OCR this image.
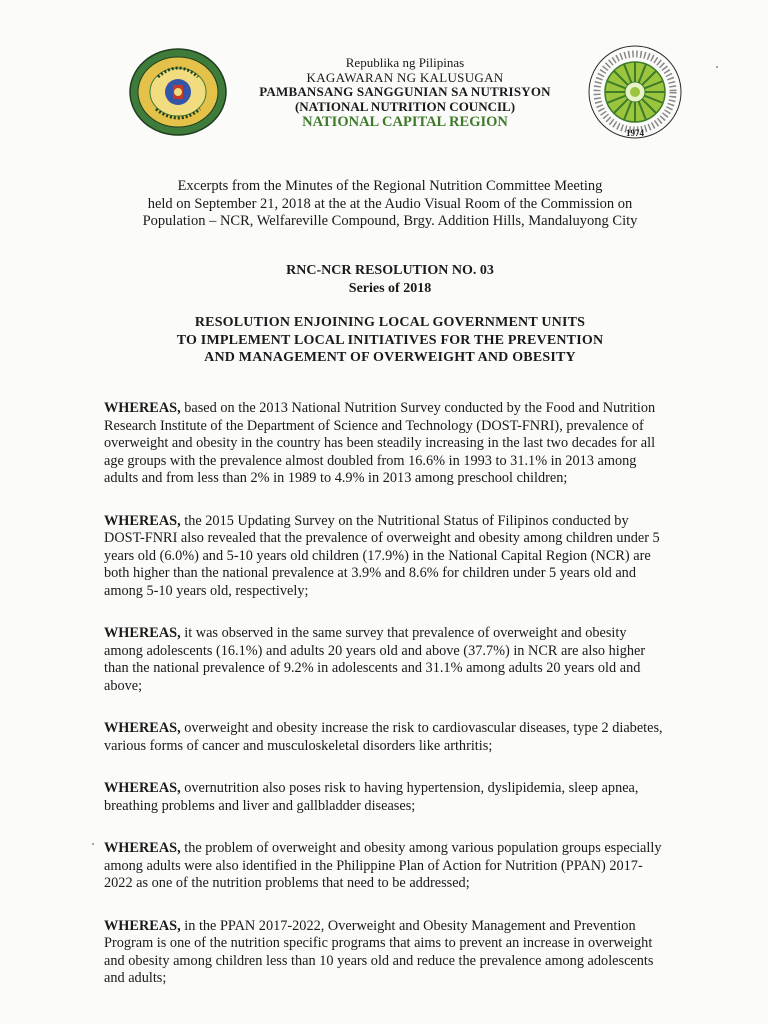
Republika ng Pilipinas
KAGAWARAN NG KALUSUGAN
PAMBANSANG SANGGUNIAN SA NUTRISYON
(NATIONAL NUTRITION COUNCIL)
NATIONAL CAPITAL REGION
1974
Excerpts from the Minutes of the Regional Nutrition Committee Meeting
held on September 21, 2018 at the at the Audio Visual Room of the Commission on
Population – NCR, Welfareville Compound, Brgy. Addition Hills, Mandaluyong City
RNC-NCR RESOLUTION NO. 03
Series of 2018
RESOLUTION ENJOINING LOCAL GOVERNMENT UNITS
TO IMPLEMENT LOCAL INITIATIVES FOR THE PREVENTION
AND MANAGEMENT OF OVERWEIGHT AND OBESITY

WHEREAS, based on the 2013 National Nutrition Survey conducted by the Food and Nutrition
Research Institute of the Department of Science and Technology (DOST-FNRI), prevalence of
overweight and obesity in the country has been steadily increasing in the last two decades for all
age groups with the prevalence almost doubled from 16.6% in 1993 to 31.1% in 2013 among
adults and from less than 2% in 1989 to 4.9% in 2013 among preschool children;

WHEREAS, the 2015 Updating Survey on the Nutritional Status of Filipinos conducted by
DOST-FNRI also revealed that the prevalence of overweight and obesity among children under 5
years old (6.0%) and 5-10 years old children (17.9%) in the National Capital Region (NCR) are
both higher than the national prevalence at 3.9% and 8.6% for children under 5 years old and
among 5-10 years old, respectively;

WHEREAS, it was observed in the same survey that prevalence of overweight and obesity
among adolescents (16.1%) and adults 20 years old and above (37.7%) in NCR are also higher
than the national prevalence of 9.2% in adolescents and 31.1% among adults 20 years old and
above;

WHEREAS, overweight and obesity increase the risk to cardiovascular diseases, type 2 diabetes,
various forms of cancer and musculoskeletal disorders like arthritis;

WHEREAS, overnutrition also poses risk to having hypertension, dyslipidemia, sleep apnea,
breathing problems and liver and gallbladder diseases;

WHEREAS, the problem of overweight and obesity among various population groups especially
among adults were also identified in the Philippine Plan of Action for Nutrition (PPAN) 2017-
2022 as one of the nutrition problems that need to be addressed;

WHEREAS, in the PPAN 2017-2022, Overweight and Obesity Management and Prevention
Program is one of the nutrition specific programs that aims to prevent an increase in overweight
and obesity among children less than 10 years old and reduce the prevalence among adolescents
and adults;
